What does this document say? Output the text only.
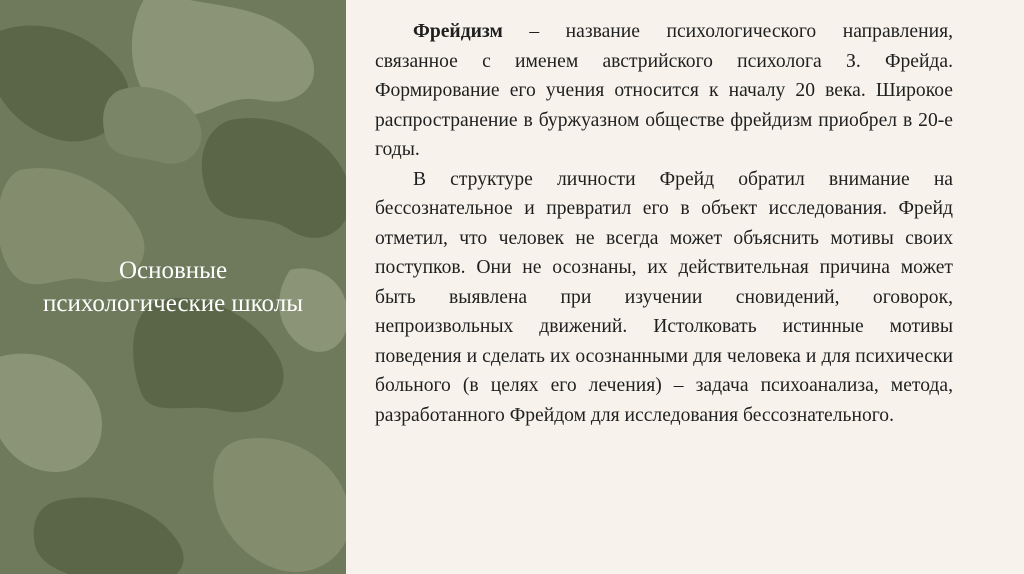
Основные
психологические школы

Фрейдизм – название психологического направления, связанное с именем австрийского психолога З. Фрейда. Формирование его учения относится к началу 20 века. Широкое распространение в буржуазном обществе фрейдизм приобрел в 20-е годы.

В структуре личности Фрейд обратил внимание на бессознательное и превратил его в объект исследования. Фрейд отметил, что человек не всегда может объяснить мотивы своих поступков. Они не осознаны, их действительная причина может быть выявлена при изучении сновидений, оговорок, непроизвольных движений. Истолковать истинные мотивы поведения и сделать их осознанными для человека и для психически больного (в целях его лечения) – задача психоанализа, метода, разработанного Фрейдом для исследования бессознательного.
